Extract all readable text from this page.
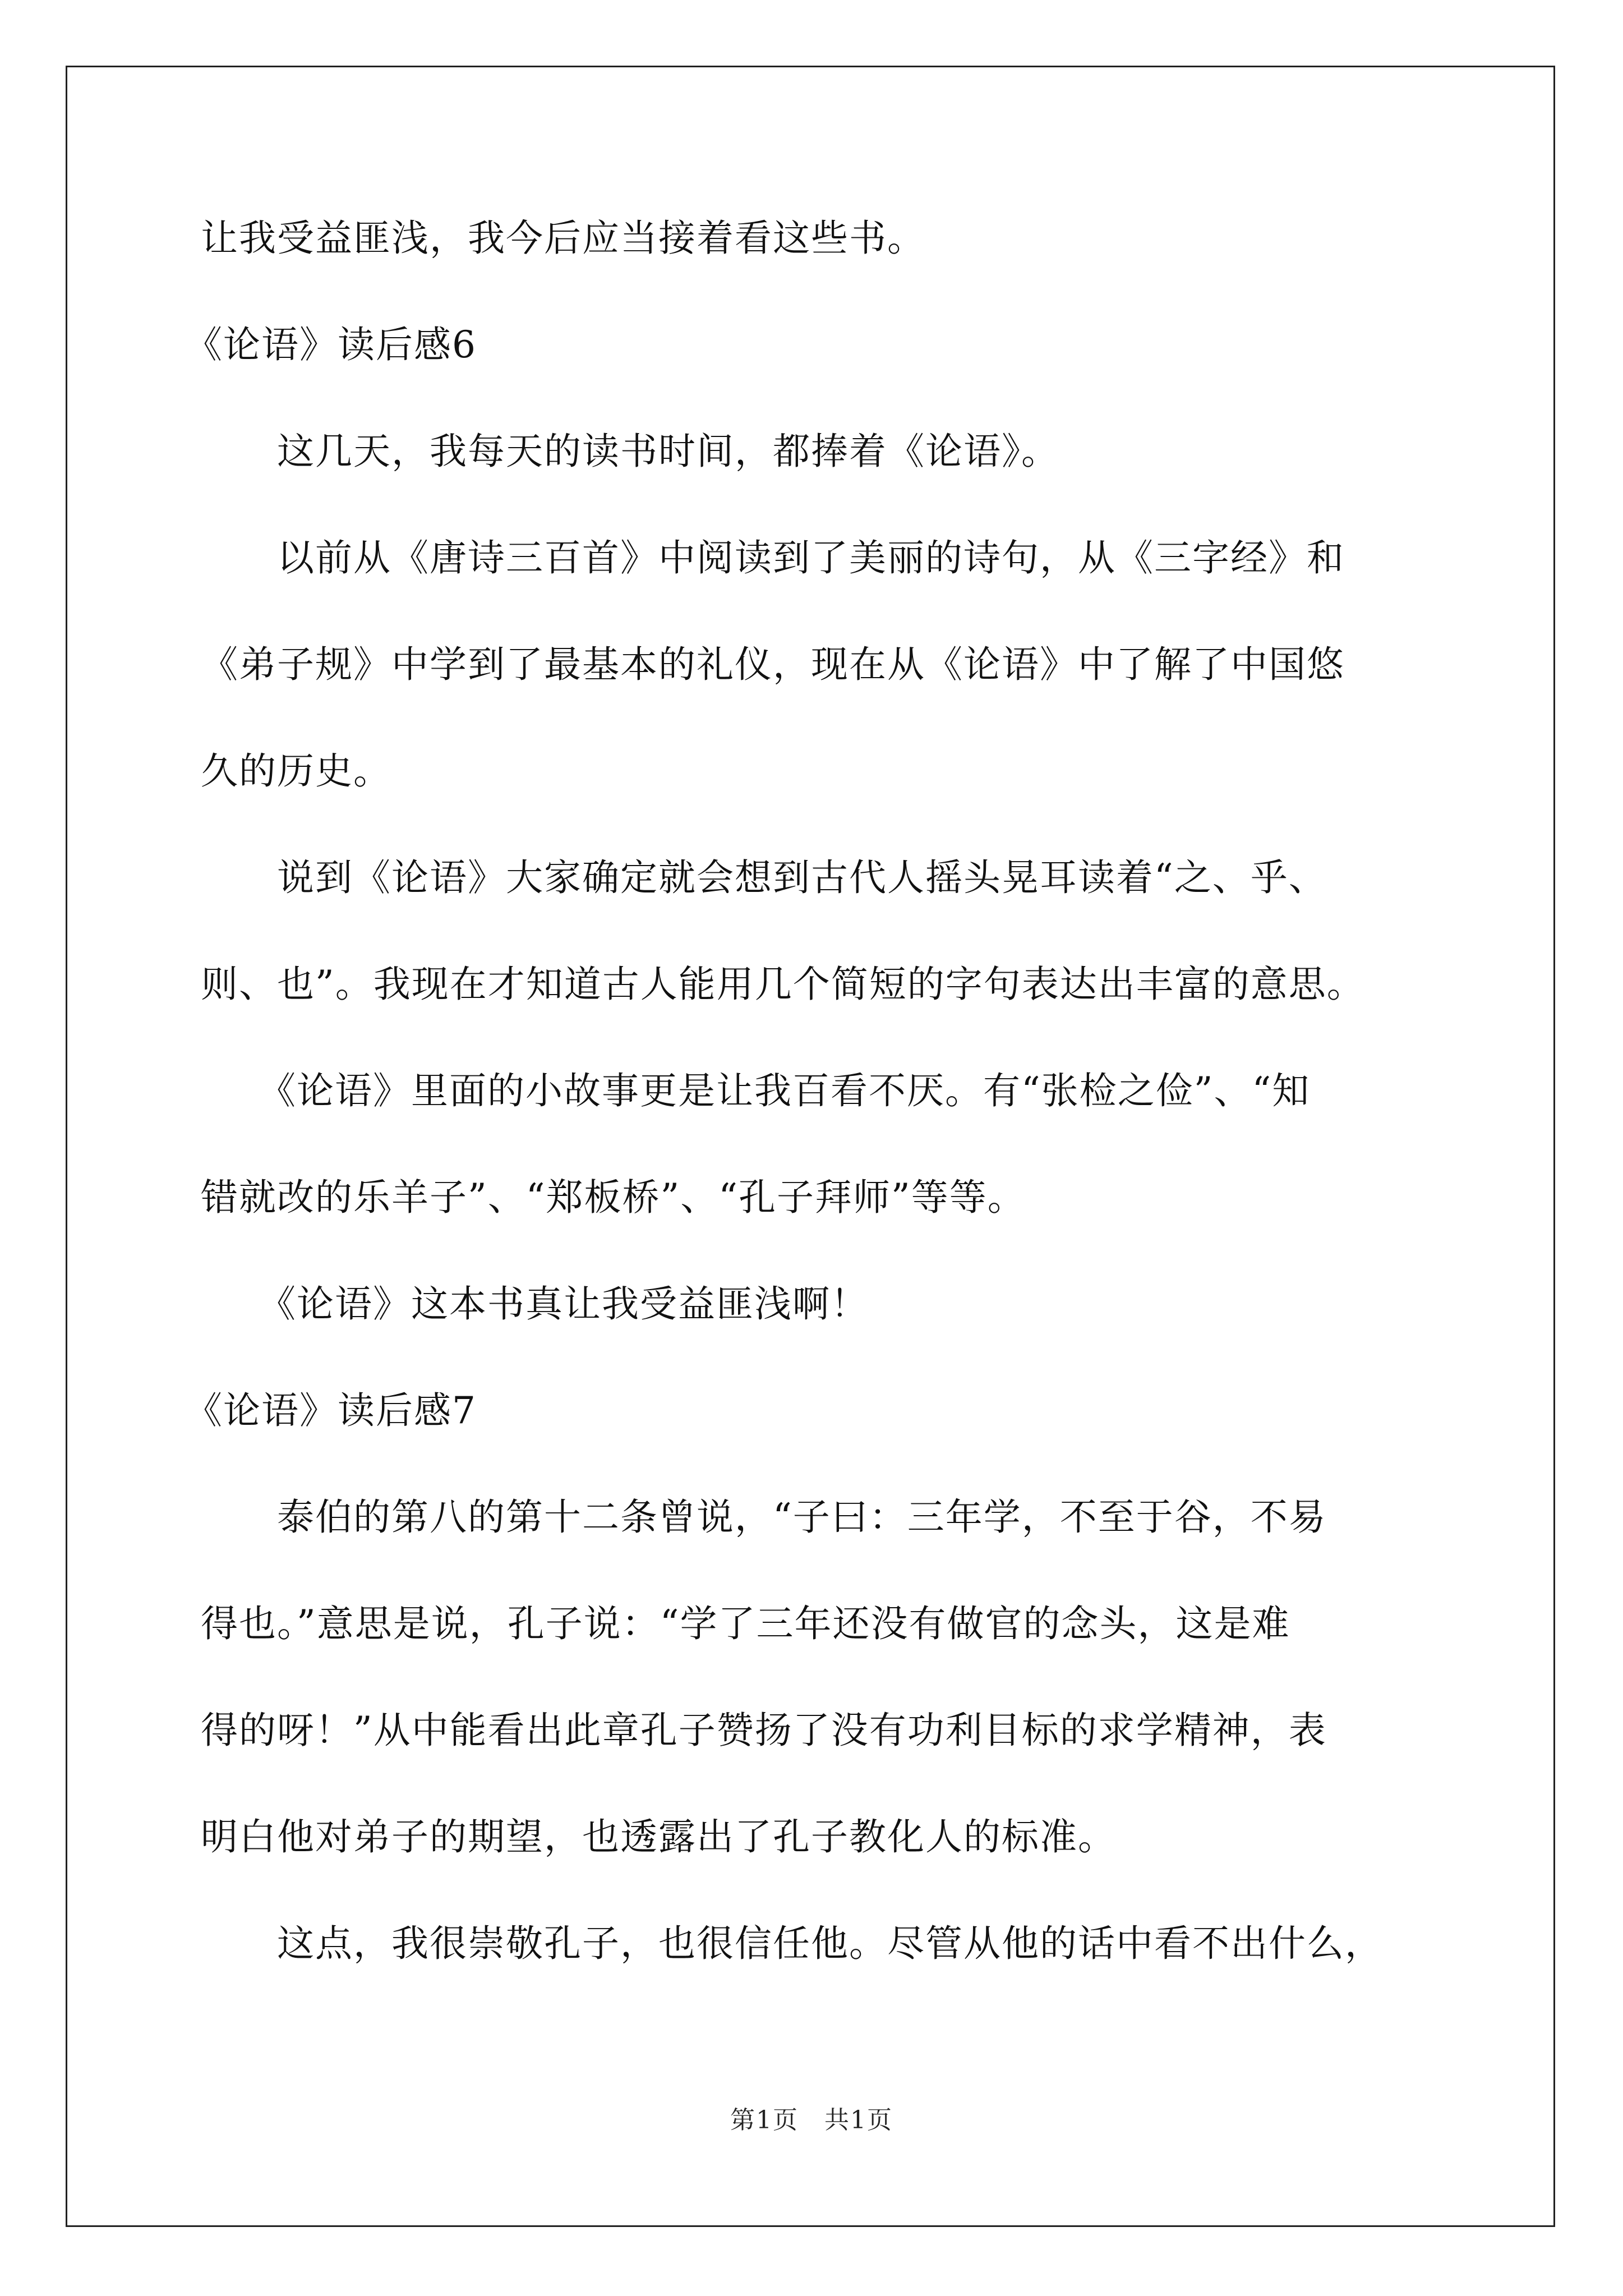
让我受益匪浅，我今后应当接着看这些书。
《论语》读后感6
　　这几天，我每天的读书时间，都捧着《论语》。
　　以前从《唐诗三百首》中阅读到了美丽的诗句，从《三字经》和
《弟子规》中学到了最基本的礼仪，现在从《论语》中了解了中国悠
久的历史。
　　说到《论语》大家确定就会想到古代人摇头晃耳读着“之、乎、
则、也”。我现在才知道古人能用几个简短的字句表达出丰富的意思。
　　《论语》里面的小故事更是让我百看不厌。有“张检之俭”、“知
错就改的乐羊子”、“郑板桥”、“孔子拜师”等等。
　　《论语》这本书真让我受益匪浅啊！
《论语》读后感7
　　泰伯的第八的第十二条曾说，“子曰：三年学，不至于谷，不易
得也。”意思是说，孔子说：“学了三年还没有做官的念头，这是难
得的呀！”从中能看出此章孔子赞扬了没有功利目标的求学精神，表
明白他对弟子的期望，也透露出了孔子教化人的标准。
　　这点，我很崇敬孔子，也很信任他。尽管从他的话中看不出什么，
第1页 共1页
